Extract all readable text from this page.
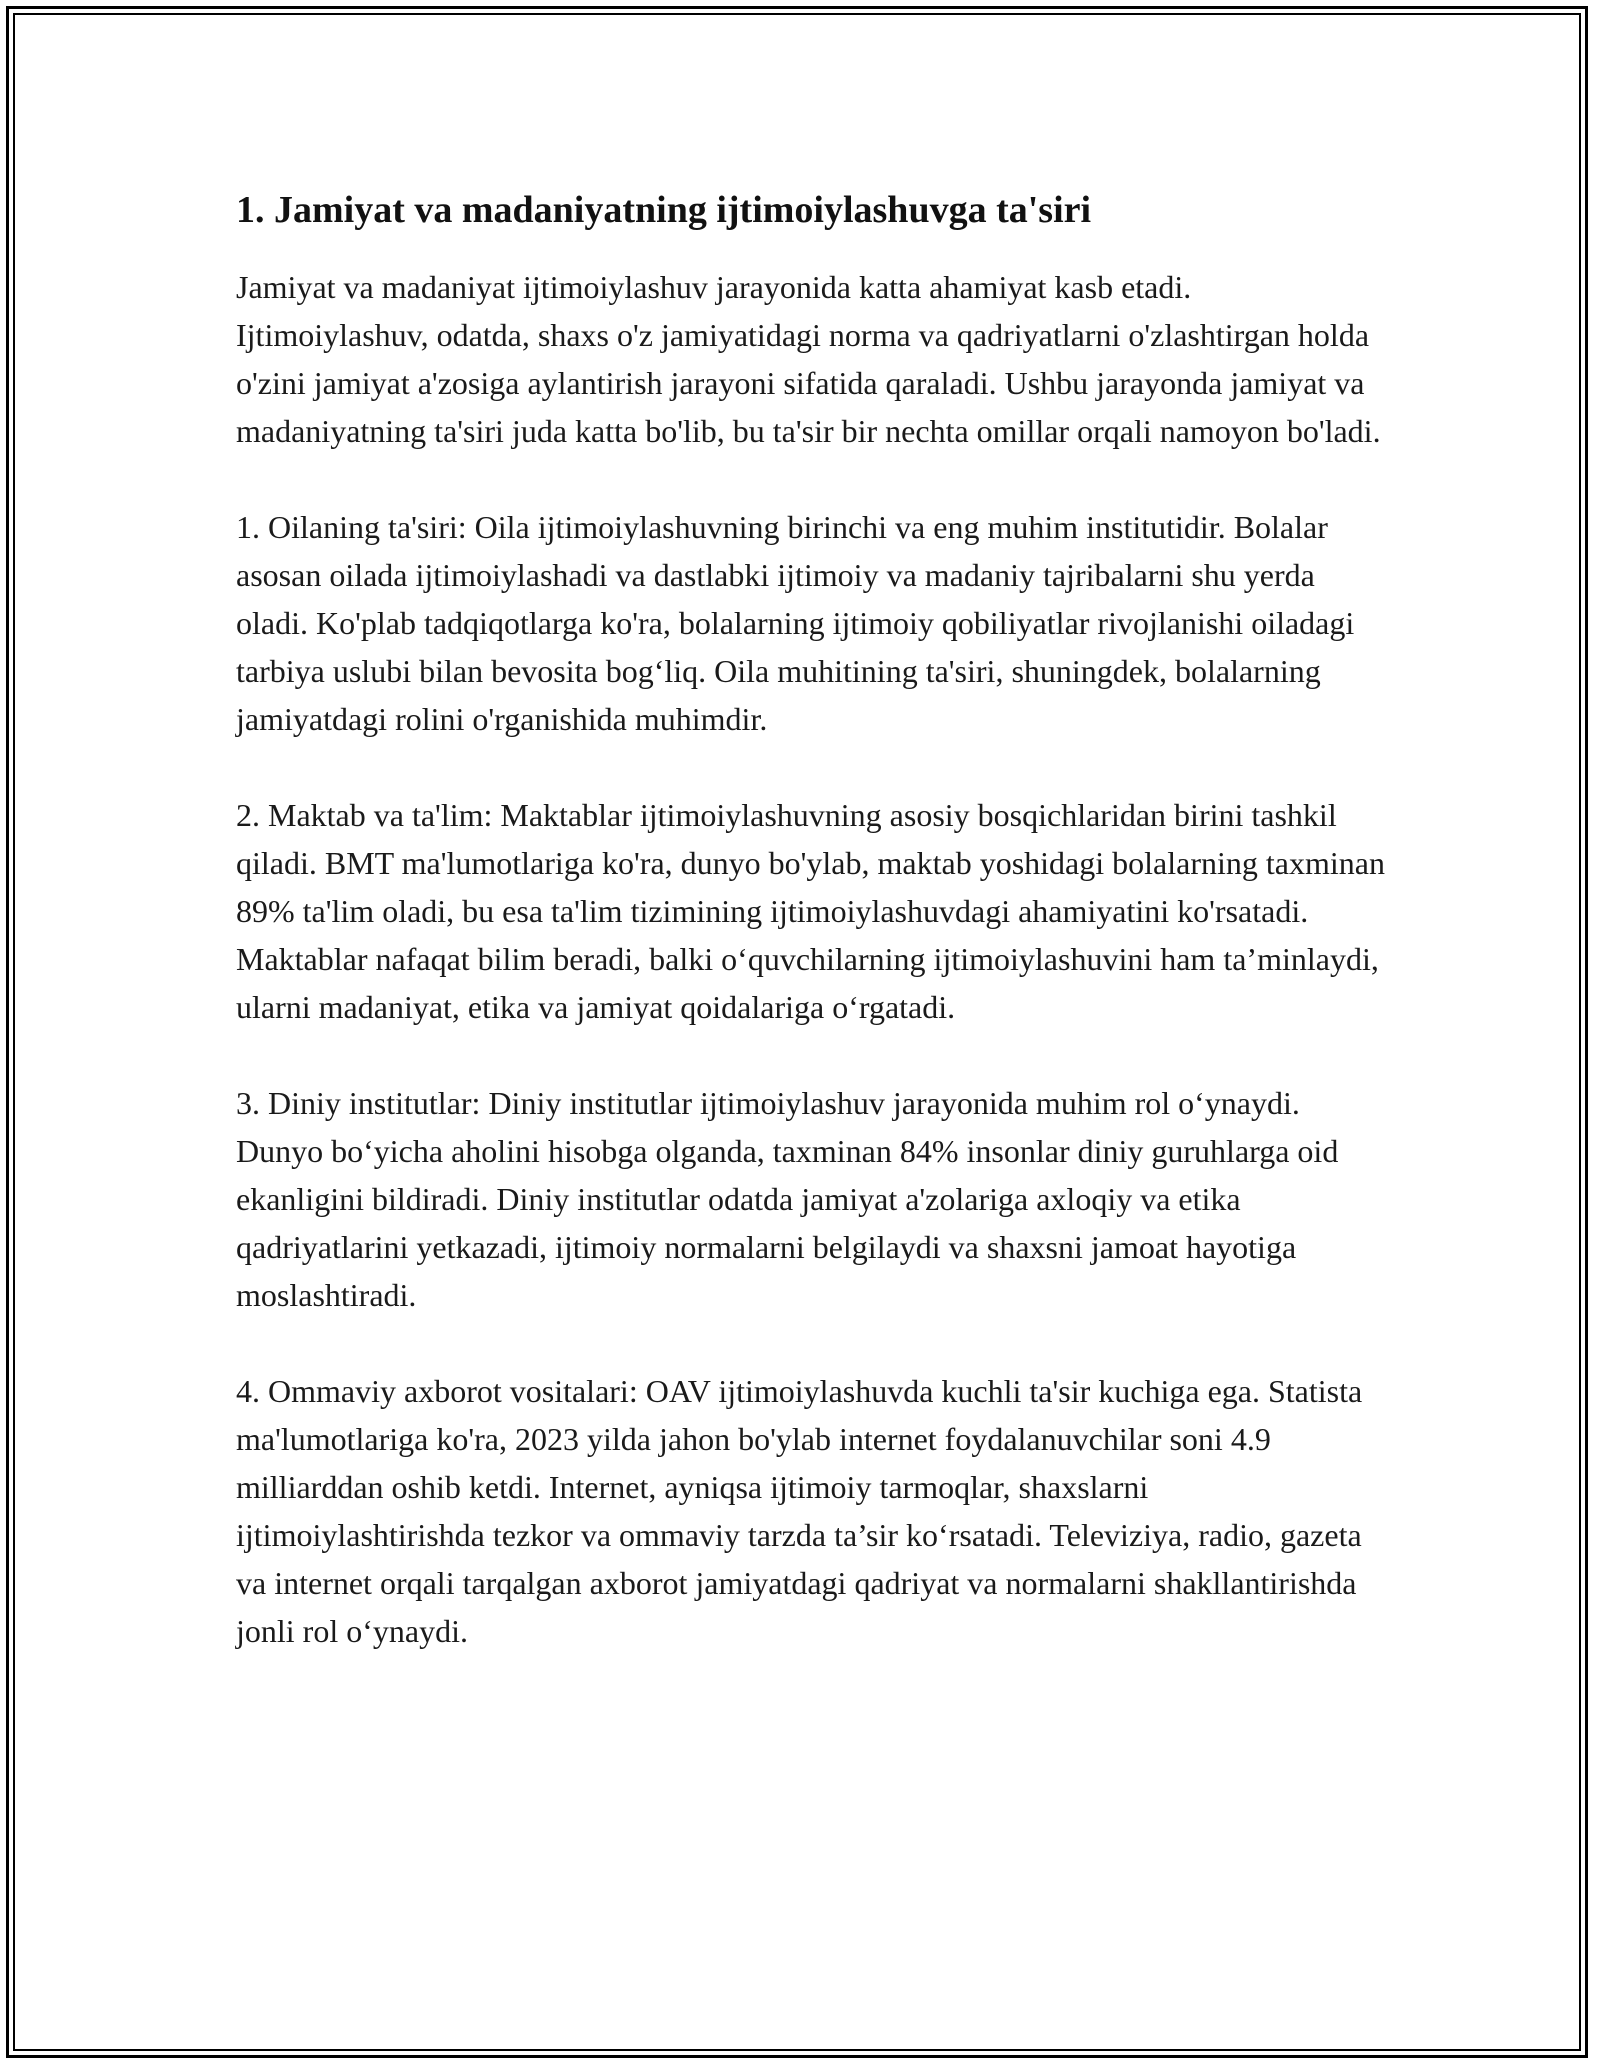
1. Jamiyat va madaniyatning ijtimoiylashuvga ta'siri

Jamiyat va madaniyat ijtimoiylashuv jarayonida katta ahamiyat kasb etadi. Ijtimoiylashuv, odatda, shaxs o'z jamiyatidagi norma va qadriyatlarni o'zlashtirgan holda o'zini jamiyat a'zosiga aylantirish jarayoni sifatida qaraladi. Ushbu jarayonda jamiyat va madaniyatning ta'siri juda katta bo'lib, bu ta'sir bir nechta omillar orqali namoyon bo'ladi.

1. Oilaning ta'siri: Oila ijtimoiylashuvning birinchi va eng muhim institutidir. Bolalar asosan oilada ijtimoiylashadi va dastlabki ijtimoiy va madaniy tajribalarni shu yerda oladi. Ko'plab tadqiqotlarga ko'ra, bolalarning ijtimoiy qobiliyatlar rivojlanishi oiladagi tarbiya uslubi bilan bevosita bog‘liq. Oila muhitining ta'siri, shuningdek, bolalarning jamiyatdagi rolini o'rganishida muhimdir.

2. Maktab va ta'lim: Maktablar ijtimoiylashuvning asosiy bosqichlaridan birini tashkil qiladi. BMT ma'lumotlariga ko'ra, dunyo bo'ylab, maktab yoshidagi bolalarning taxminan 89% ta'lim oladi, bu esa ta'lim tizimining ijtimoiylashuvdagi ahamiyatini ko'rsatadi. Maktablar nafaqat bilim beradi, balki o‘quvchilarning ijtimoiylashuvini ham ta’minlaydi, ularni madaniyat, etika va jamiyat qoidalariga o‘rgatadi.

3. Diniy institutlar: Diniy institutlar ijtimoiylashuv jarayonida muhim rol o‘ynaydi. Dunyo bo‘yicha aholini hisobga olganda, taxminan 84% insonlar diniy guruhlarga oid ekanligini bildiradi. Diniy institutlar odatda jamiyat a'zolariga axloqiy va etika qadriyatlarini yetkazadi, ijtimoiy normalarni belgilaydi va shaxsni jamoat hayotiga moslashtiradi.

4. Ommaviy axborot vositalari: OAV ijtimoiylashuvda kuchli ta'sir kuchiga ega. Statista ma'lumotlariga ko'ra, 2023 yilda jahon bo'ylab internet foydalanuvchilar soni 4.9 milliarddan oshib ketdi. Internet, ayniqsa ijtimoiy tarmoqlar, shaxslarni ijtimoiylashtirishda tezkor va ommaviy tarzda ta’sir ko‘rsatadi. Televiziya, radio, gazeta va internet orqali tarqalgan axborot jamiyatdagi qadriyat va normalarni shakllantirishda jonli rol o‘ynaydi.
